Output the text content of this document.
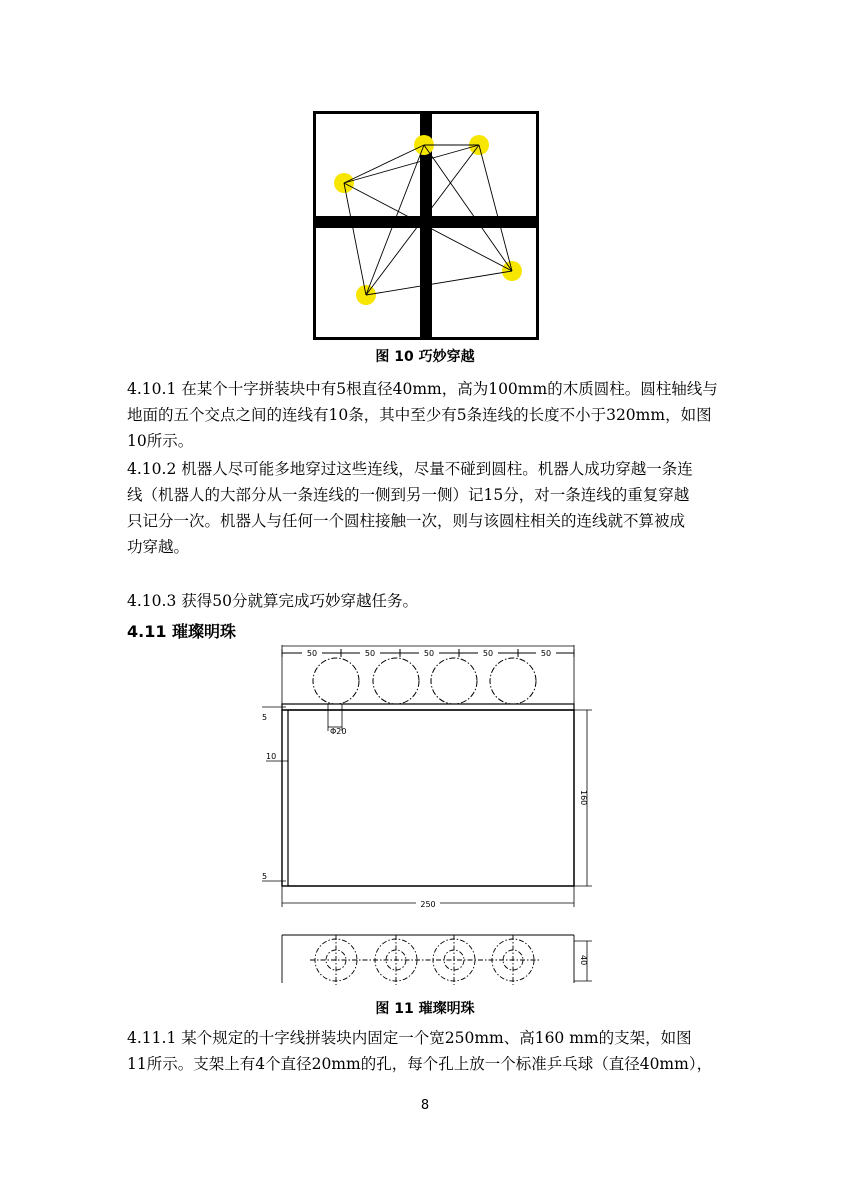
图 10 巧妙穿越
4.10.1 在某个十字拼装块中有5根直径40mm，高为100mm的木质圆柱。圆柱轴线与
地面的五个交点之间的连线有10条，其中至少有5条连线的长度不小于320mm，如图
10所示。
4.10.2 机器人尽可能多地穿过这些连线，尽量不碰到圆柱。机器人成功穿越一条连
线（机器人的大部分从一条连线的一侧到另一侧）记15分，对一条连线的重复穿越
只记分一次。机器人与任何一个圆柱接触一次，则与该圆柱相关的连线就不算被成
功穿越。
4.10.3 获得50分就算完成巧妙穿越任务。
4.11 璀璨明珠
50	50	50	50	50
Φ20
5
10
5
160
250
40
图 11 璀璨明珠
4.11.1 某个规定的十字线拼装块内固定一个宽250mm、高160 mm的支架，如图
11所示。支架上有4个直径20mm的孔，每个孔上放一个标准乒乓球（直径40mm），
8
